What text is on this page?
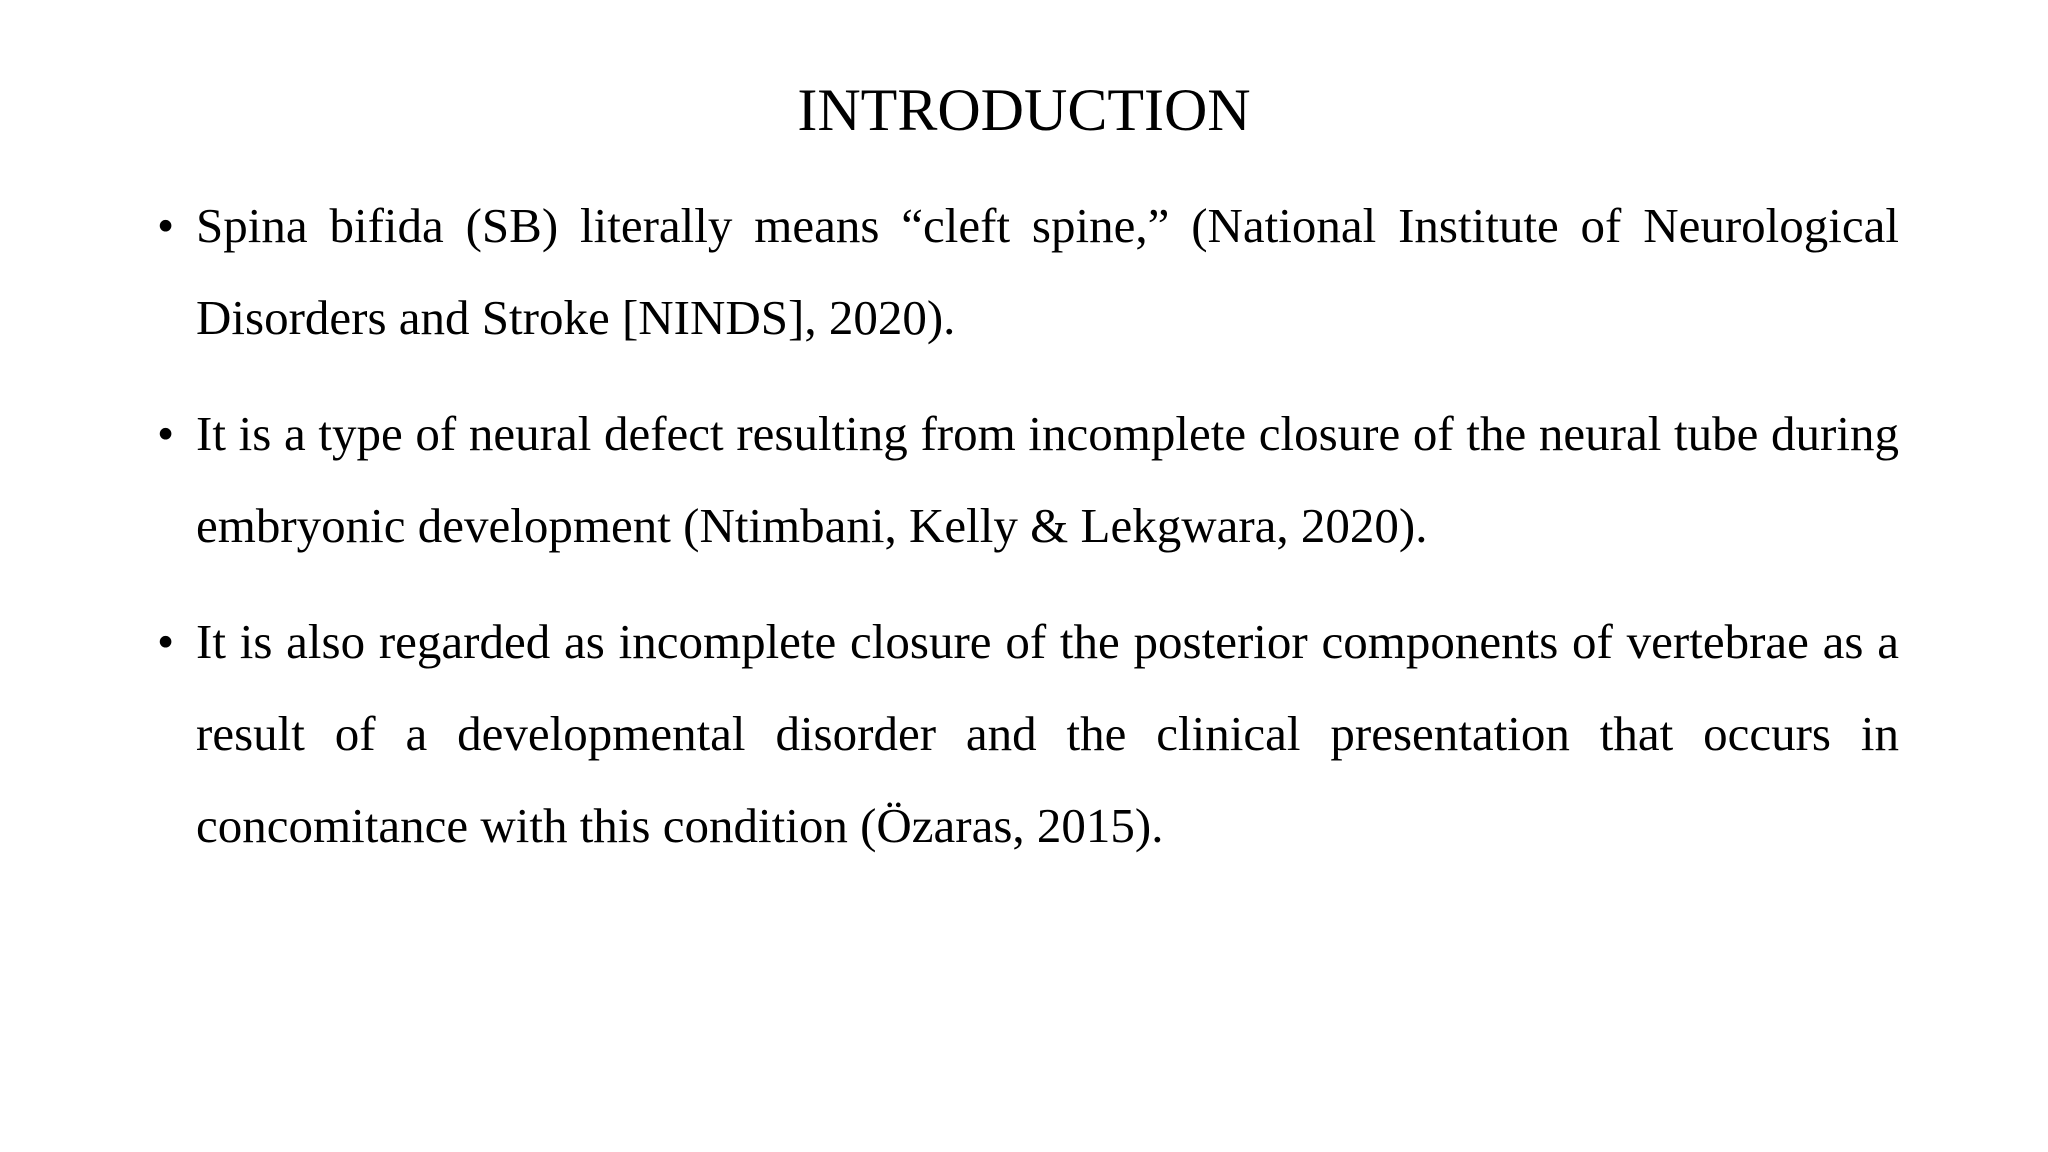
INTRODUCTION
• Spina bifida (SB) literally means “cleft spine,” (National Institute of Neurological Disorders and Stroke [NINDS], 2020).
• It is a type of neural defect resulting from incomplete closure of the neural tube during embryonic development (Ntimbani, Kelly & Lekgwara, 2020).
• It is also regarded as incomplete closure of the posterior components of vertebrae as a result of a developmental disorder and the clinical presentation that occurs in concomitance with this condition (Özaras, 2015).
